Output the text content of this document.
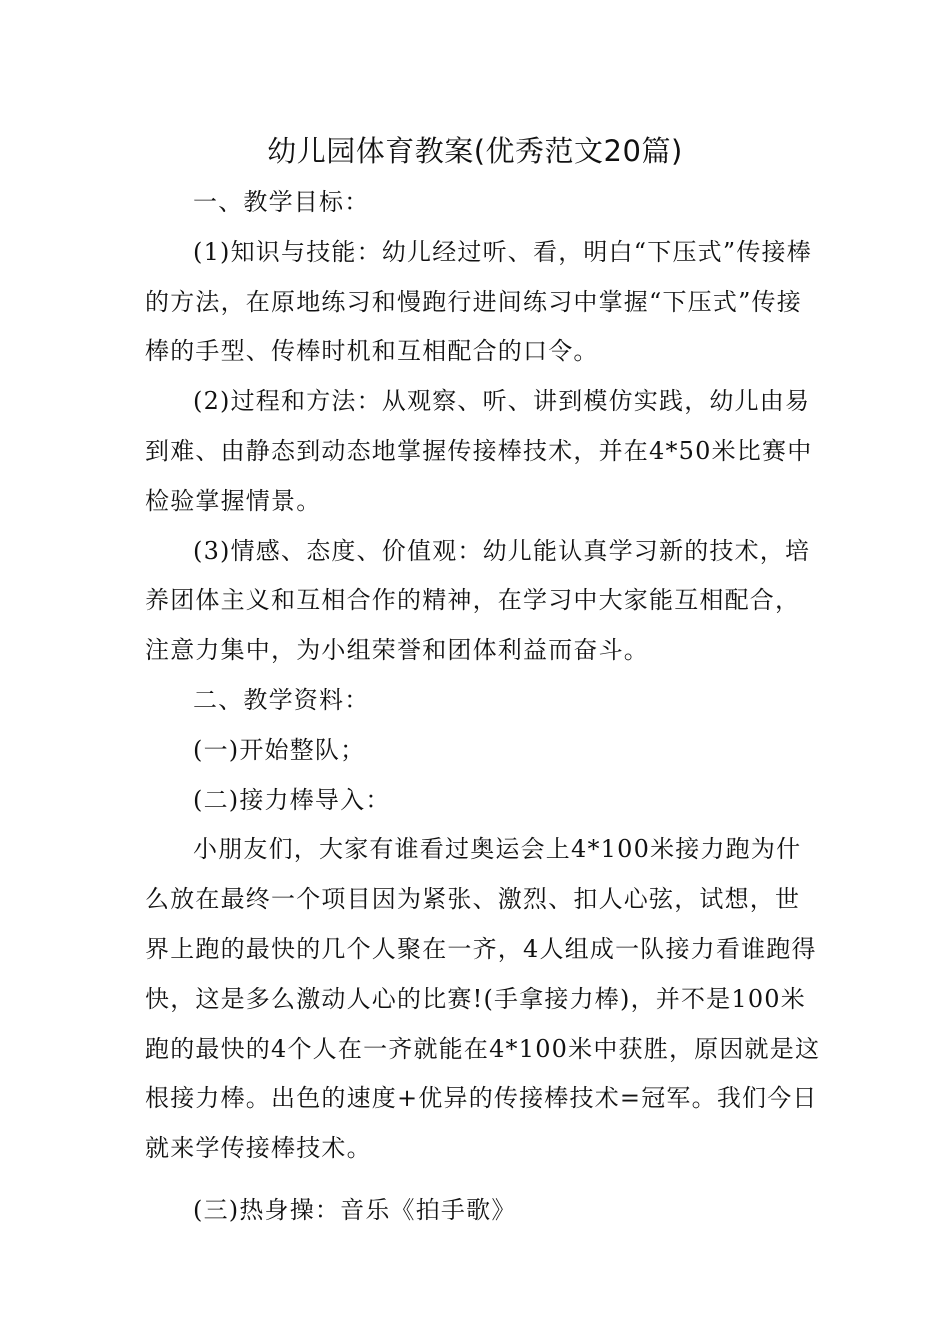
幼儿园体育教案(优秀范文20篇)

一、教学目标：

(1)知识与技能：幼儿经过听、看，明白“下压式”传接棒的方法，在原地练习和慢跑行进间练习中掌握“下压式”传接棒的手型、传棒时机和互相配合的口令。

(2)过程和方法：从观察、听、讲到模仿实践，幼儿由易到难、由静态到动态地掌握传接棒技术，并在4*50米比赛中检验掌握情景。

(3)情感、态度、价值观：幼儿能认真学习新的技术，培养团体主义和互相合作的精神，在学习中大家能互相配合，注意力集中，为小组荣誉和团体利益而奋斗。

二、教学资料：

(一)开始整队；

(二)接力棒导入：

小朋友们，大家有谁看过奥运会上4*100米接力跑为什么放在最终一个项目因为紧张、激烈、扣人心弦，试想，世界上跑的最快的几个人聚在一齐，4人组成一队接力看谁跑得快，这是多么激动人心的比赛!(手拿接力棒)，并不是100米跑的最快的4个人在一齐就能在4*100米中获胜，原因就是这根接力棒。出色的速度+优异的传接棒技术=冠军。我们今日就来学传接棒技术。

(三)热身操：音乐《拍手歌》
